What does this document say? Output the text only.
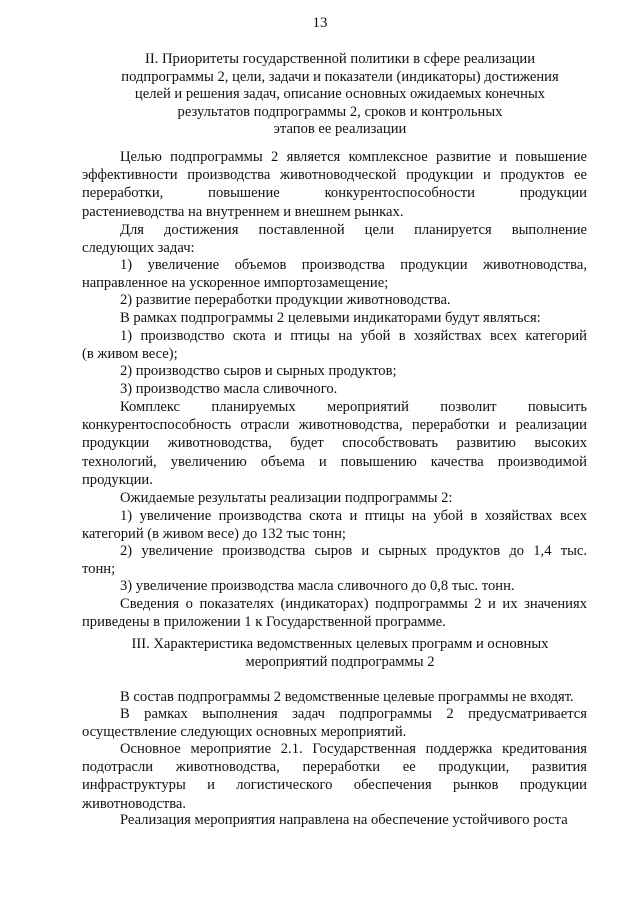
13
II. Приоритеты государственной политики в сфере реализации
подпрограммы 2, цели, задачи и показатели (индикаторы) достижения
целей и решения задач, описание основных ожидаемых конечных
результатов подпрограммы 2, сроков и контрольных
этапов ее реализации
Целью подпрограммы 2 является комплексное развитие и повышение
эффективности производства животноводческой продукции и продуктов ее
переработки, повышение конкурентоспособности продукции
растениеводства на внутреннем и внешнем рынках.
Для достижения поставленной цели планируется выполнение
следующих задач:
1) увеличение объемов производства продукции животноводства,
направленное на ускоренное импортозамещение;
2) развитие переработки продукции животноводства.
В рамках подпрограммы 2 целевыми индикаторами будут являться:
1) производство скота и птицы на убой в хозяйствах всех категорий
(в живом весе);
2) производство сыров и сырных продуктов;
3) производство масла сливочного.
Комплекс планируемых мероприятий позволит повысить
конкурентоспособность отрасли животноводства, переработки и реализации
продукции животноводства, будет способствовать развитию высоких
технологий, увеличению объема и повышению качества производимой
продукции.
Ожидаемые результаты реализации подпрограммы 2:
1) увеличение производства скота и птицы на убой в хозяйствах всех
категорий (в живом весе) до 132 тыс тонн;
2) увеличение производства сыров и сырных продуктов до 1,4 тыс.
тонн;
3) увеличение производства масла сливочного до 0,8 тыс. тонн.
Сведения о показателях (индикаторах) подпрограммы 2 и их значениях
приведены в приложении 1 к Государственной программе.
III. Характеристика ведомственных целевых программ и основных
мероприятий подпрограммы 2
В состав подпрограммы 2 ведомственные целевые программы не входят.
В рамках выполнения задач подпрограммы 2 предусматривается
осуществление следующих основных мероприятий.
Основное мероприятие 2.1. Государственная поддержка кредитования
подотрасли животноводства, переработки ее продукции, развития
инфраструктуры и логистического обеспечения рынков продукции
животноводства.
Реализация мероприятия направлена на обеспечение устойчивого роста
